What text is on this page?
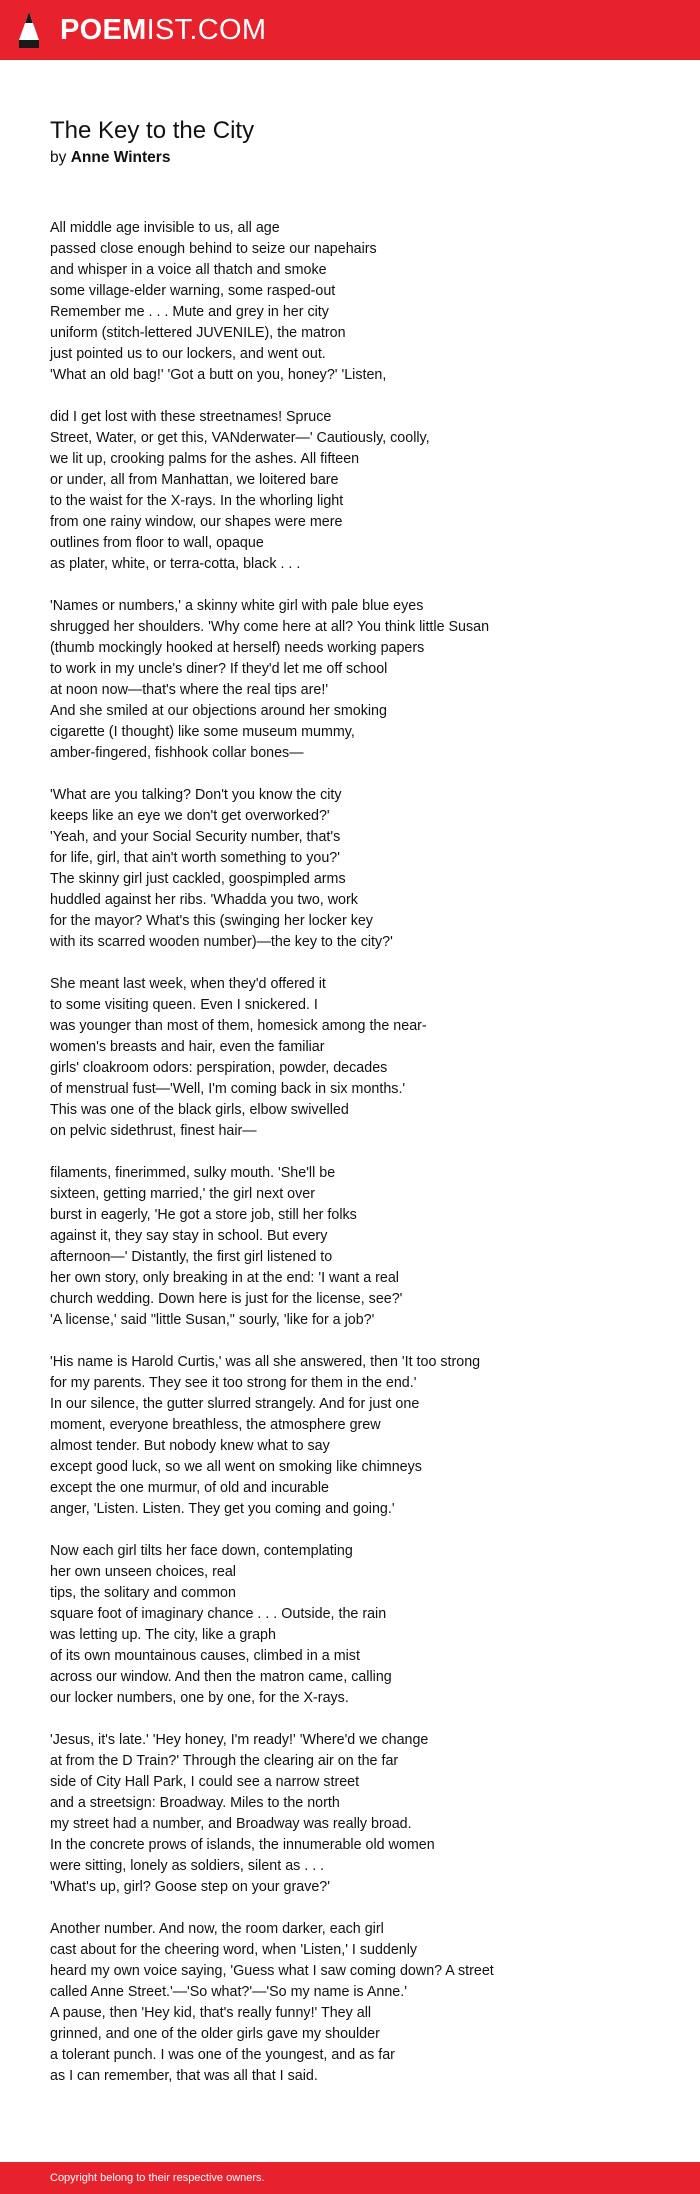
POEMIST.COM
The Key to the City
by Anne Winters
All middle age invisible to us, all age
passed close enough behind to seize our napehairs
and whisper in a voice all thatch and smoke
some village-elder warning, some rasped-out
Remember me . . . Mute and grey in her city
uniform (stitch-lettered JUVENILE), the matron
just pointed us to our lockers, and went out.
'What an old bag!' 'Got a butt on you, honey?' 'Listen,
did I get lost with these streetnames! Spruce
Street, Water, or get this, VANderwater—' Cautiously, coolly,
we lit up, crooking palms for the ashes. All fifteen
or under, all from Manhattan, we loitered bare
to the waist for the X-rays. In the whorling light
from one rainy window, our shapes were mere
outlines from floor to wall, opaque
as plater, white, or terra-cotta, black . . .
'Names or numbers,' a skinny white girl with pale blue eyes
shrugged her shoulders. 'Why come here at all? You think little Susan
(thumb mockingly hooked at herself) needs working papers
to work in my uncle's diner? If they'd let me off school
at noon now—that's where the real tips are!'
And she smiled at our objections around her smoking
cigarette (I thought) like some museum mummy,
amber-fingered, fishhook collar bones—
'What are you talking? Don't you know the city
keeps like an eye we don't get overworked?'
'Yeah, and your Social Security number, that's
for life, girl, that ain't worth something to you?'
The skinny girl just cackled, goospimpled arms
huddled against her ribs. 'Whadda you two, work
for the mayor? What's this (swinging her locker key
with its scarred wooden number)—the key to the city?'
She meant last week, when they'd offered it
to some visiting queen. Even I snickered. I
was younger than most of them, homesick among the near-
women's breasts and hair, even the familiar
girls' cloakroom odors: perspiration, powder, decades
of menstrual fust—'Well, I'm coming back in six months.'
This was one of the black girls, elbow swivelled
on pelvic sidethrust, finest hair—
filaments, finerimmed, sulky mouth. 'She'll be
sixteen, getting married,' the girl next over
burst in eagerly, 'He got a store job, still her folks
against it, they say stay in school. But every
afternoon—' Distantly, the first girl listened to
her own story, only breaking in at the end: 'I want a real
church wedding. Down here is just for the license, see?'
'A license,' said "little Susan," sourly, 'like for a job?'
'His name is Harold Curtis,' was all she answered, then 'It too strong
for my parents. They see it too strong for them in the end.'
In our silence, the gutter slurred strangely. And for just one
moment, everyone breathless, the atmosphere grew
almost tender. But nobody knew what to say
except good luck, so we all went on smoking like chimneys
except the one murmur, of old and incurable
anger, 'Listen. Listen. They get you coming and going.'
Now each girl tilts her face down, contemplating
her own unseen choices, real
tips, the solitary and common
square foot of imaginary chance . . . Outside, the rain
was letting up. The city, like a graph
of its own mountainous causes, climbed in a mist
across our window. And then the matron came, calling
our locker numbers, one by one, for the X-rays.
'Jesus, it's late.' 'Hey honey, I'm ready!' 'Where'd we change
at from the D Train?' Through the clearing air on the far
side of City Hall Park, I could see a narrow street
and a streetsign: Broadway. Miles to the north
my street had a number, and Broadway was really broad.
In the concrete prows of islands, the innumerable old women
were sitting, lonely as soldiers, silent as . . .
'What's up, girl? Goose step on your grave?'
Another number. And now, the room darker, each girl
cast about for the cheering word, when 'Listen,' I suddenly
heard my own voice saying, 'Guess what I saw coming down? A street
called Anne Street.'—'So what?'—'So my name is Anne.'
A pause, then 'Hey kid, that's really funny!' They all
grinned, and one of the older girls gave my shoulder
a tolerant punch. I was one of the youngest, and as far
as I can remember, that was all that I said.
Copyright belong to their respective owners.
